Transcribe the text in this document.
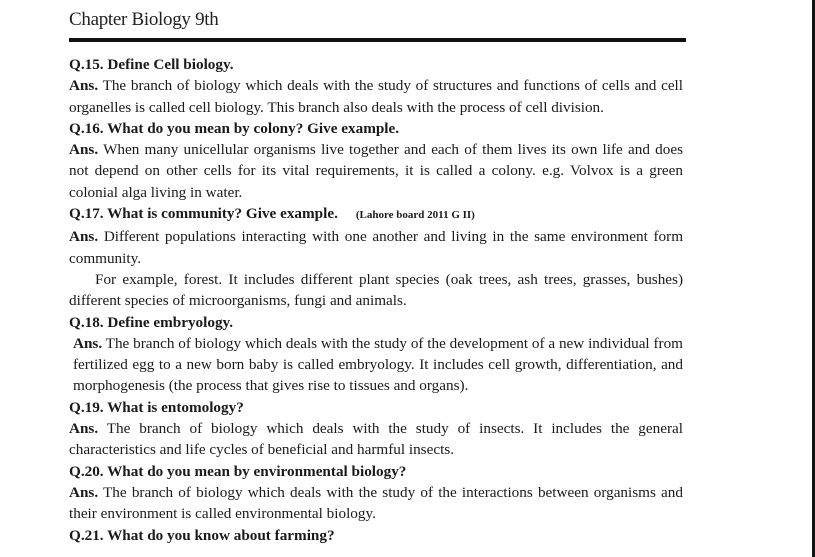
Chapter Biology 9th

Q.15. Define Cell biology.

Ans. The branch of biology which deals with the study of structures and functions of cells and cell organelles is called cell biology. This branch also deals with the process of cell division.

Q.16. What do you mean by colony? Give example.

Ans. When many unicellular organisms live together and each of them lives its own life and does not depend on other cells for its vital requirements, it is called a colony. e.g. Volvox is a green colonial alga living in water.

Q.17. What is community? Give example. (Lahore board 2011 G II)

Ans. Different populations interacting with one another and living in the same environment form community.

For example, forest. It includes different plant species (oak trees, ash trees, grasses, bushes) different species of microorganisms, fungi and animals.

Q.18. Define embryology.

Ans. The branch of biology which deals with the study of the development of a new individual from fertilized egg to a new born baby is called embryology. It includes cell growth, differentiation, and morphogenesis (the process that gives rise to tissues and organs).

Q.19. What is entomology?

Ans. The branch of biology which deals with the study of insects. It includes the general characteristics and life cycles of beneficial and harmful insects.

Q.20. What do you mean by environmental biology?

Ans. The branch of biology which deals with the study of the interactions between organisms and their environment is called environmental biology.

Q.21. What do you know about farming?
